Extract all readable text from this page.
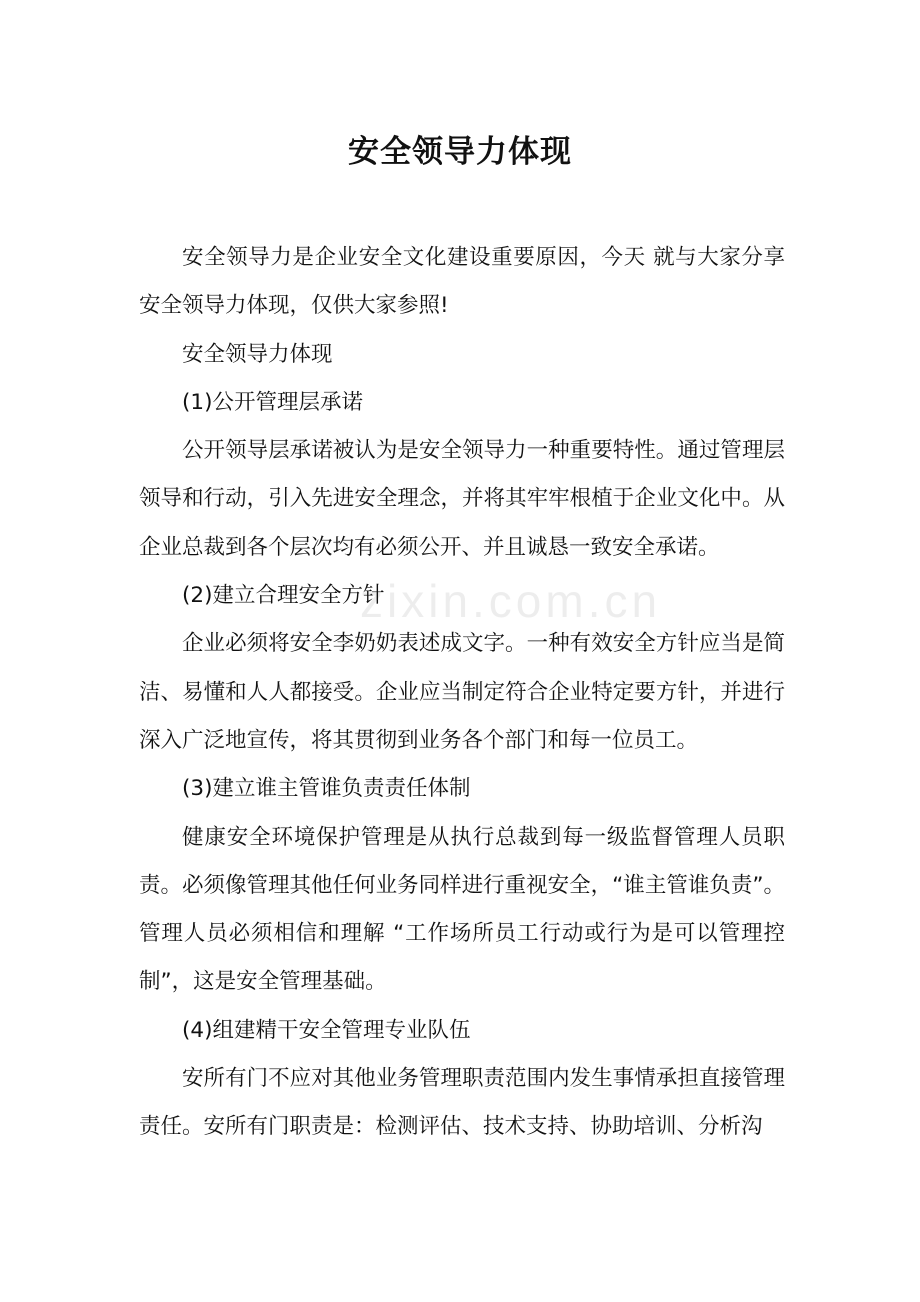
zixin.com.cn
安全领导力体现

安全领导力是企业安全文化建设重要原因，今天 就与大家分享安全领导力体现，仅供大家参照!

安全领导力体现

(1)公开管理层承诺

公开领导层承诺被认为是安全领导力一种重要特性。通过管理层领导和行动，引入先进安全理念，并将其牢牢根植于企业文化中。从企业总裁到各个层次均有必须公开、并且诚恳一致安全承诺。

(2)建立合理安全方针

企业必须将安全李奶奶表述成文字。一种有效安全方针应当是简洁、易懂和人人都接受。企业应当制定符合企业特定要方针，并进行深入广泛地宣传，将其贯彻到业务各个部门和每一位员工。

(3)建立谁主管谁负责责任体制

健康安全环境保护管理是从执行总裁到每一级监督管理人员职责。必须像管理其他任何业务同样进行重视安全，“谁主管谁负责”。管理人员必须相信和理解 “工作场所员工行动或行为是可以管理控制”，这是安全管理基础。

(4)组建精干安全管理专业队伍

安所有门不应对其他业务管理职责范围内发生事情承担直接管理责任。安所有门职责是：检测评估、技术支持、协助培训、分析沟
